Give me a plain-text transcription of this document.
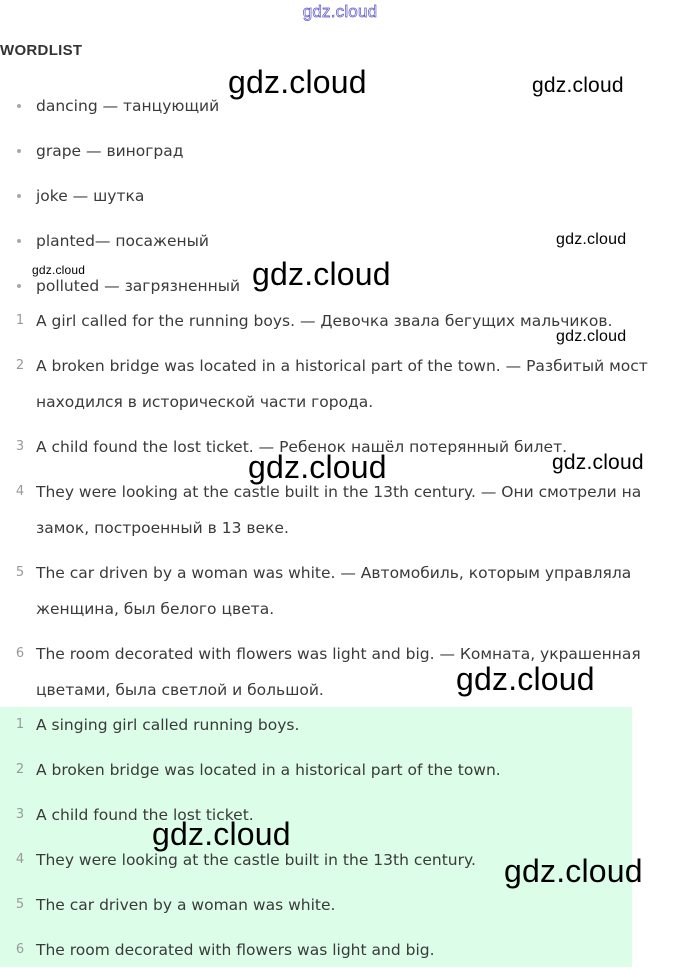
gdz.cloud
WORDLIST
dancing — танцующий
grape — виноград
joke — шутка
planted— посаженый
polluted — загрязненный
1 A girl called for the running boys. — Девочка звала бегущих мальчиков.
2 A broken bridge was located in a historical part of the town. — Разбитый мост находился в исторической части города.
3 A child found the lost ticket. — Ребенок нашёл потерянный билет.
4 They were looking at the castle built in the 13th century. — Они смотрели на замок, построенный в 13 веке.
5 The car driven by a woman was white. — Автомобиль, которым управляла женщина, был белого цвета.
6 The room decorated with flowers was light and big. — Комната, украшенная цветами, была светлой и большой.
1 A singing girl called running boys.
2 A broken bridge was located in a historical part of the town.
3 A child found the lost ticket.
4 They were looking at the castle built in the 13th century.
5 The car driven by a woman was white.
6 The room decorated with flowers was light and big.
gdz.cloud	gdz.cloud
gdz.cloud
gdz.cloud	gdz.cloud
gdz.cloud
gdz.cloud	gdz.cloud
gdz.cloud
gdz.cloud
gdz.cloud
